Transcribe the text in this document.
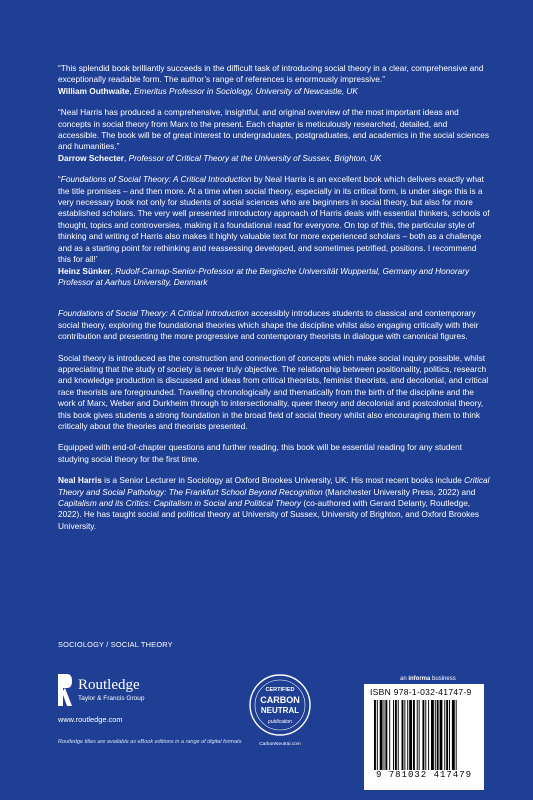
“This splendid book brilliantly succeeds in the difficult task of introducing social theory in a clear, comprehensive and exceptionally readable form. The author’s range of references is enormously impressive.”

William Outhwaite, Emeritus Professor in Sociology, University of Newcastle, UK

“Neal Harris has produced a comprehensive, insightful, and original overview of the most important ideas and concepts in social theory from Marx to the present. Each chapter is meticulously researched, detailed, and accessible. The book will be of great interest to undergraduates, postgraduates, and academics in the social sciences and humanities.”

Darrow Schecter, Professor of Critical Theory at the University of Sussex, Brighton, UK

“Foundations of Social Theory: A Critical Introduction by Neal Harris is an excellent book which delivers exactly what the title promises – and then more. At a time when social theory, especially in its critical form, is under siege this is a very necessary book not only for students of social sciences who are beginners in social theory, but also for more established scholars. The very well presented introductory approach of Harris deals with essential thinkers, schools of thought, topics and controversies, making it a foundational read for everyone. On top of this, the particular style of thinking and writing of Harris also makes it highly valuable text for more experienced scholars – both as a challenge and as a starting point for rethinking and reassessing developed, and sometimes petrified, positions. I recommend this for all!’

Heinz Sünker, Rudolf-Carnap-Senior-Professor at the Bergische Universität Wuppertal, Germany and Honorary Professor at Aarhus University, Denmark

Foundations of Social Theory: A Critical Introduction accessibly introduces students to classical and contemporary social theory, exploring the foundational theories which shape the discipline whilst also engaging critically with their contribution and presenting the more progressive and contemporary theorists in dialogue with canonical figures.

Social theory is introduced as the construction and connection of concepts which make social inquiry possible, whilst appreciating that the study of society is never truly objective. The relationship between positionality, politics, research and knowledge production is discussed and ideas from critical theorists, feminist theorists, and decolonial, and critical race theorists are foregrounded. Travelling chronologically and thematically from the birth of the discipline and the work of Marx, Weber and Durkheim through to intersectionality, queer theory and decolonial and postcolonial theory, this book gives students a strong foundation in the broad field of social theory whilst also encouraging them to think critically about the theories and theorists presented.

Equipped with end-of-chapter questions and further reading, this book will be essential reading for any student studying social theory for the first time.

Neal Harris is a Senior Lecturer in Sociology at Oxford Brookes University, UK. His most recent books include Critical Theory and Social Pathology: The Frankfurt School Beyond Recognition (Manchester University Press, 2022) and Capitalism and its Critics: Capitalism in Social and Political Theory (co-authored with Gerard Delanty, Routledge, 2022). He has taught social and political theory at University of Sussex, University of Brighton, and Oxford Brookes University.

SOCIOLOGY / SOCIAL THEORY
Routledge
Taylor & Francis Group
www.routledge.com
Routledge titles are available as eBook editions in a range of digital formats
CERTIFIED
CARBON
NEUTRAL
publication
CarbonNeutral.com
an informa business
ISBN 978-1-032-41747-9
9 781032 417479
